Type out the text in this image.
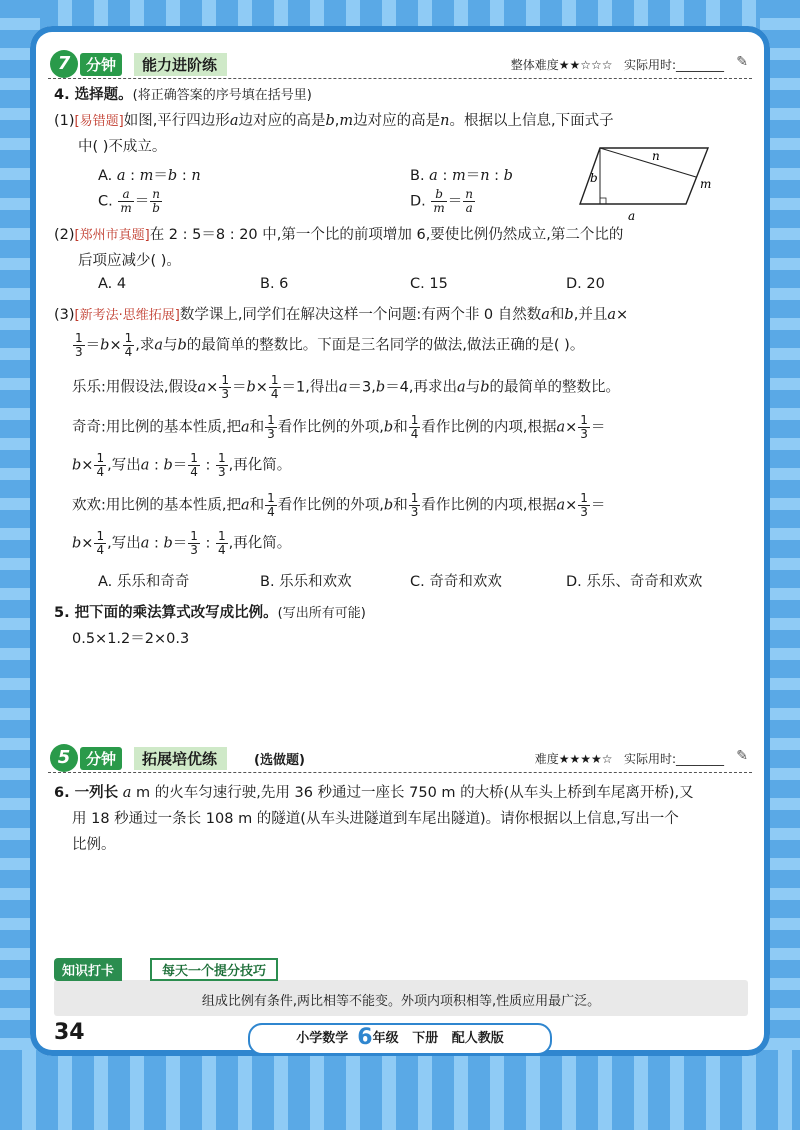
7	分钟	能力进阶练	整体难度★★☆☆☆ 实际用时:________ ✎
4. 选择题。(将正确答案的序号填在括号里)
(1)[易错题]如图,平行四边形a边对应的高是b,m边对应的高是n。根据以上信息,下面式子
中( )不成立。
A. a : m＝b : n	B. a : m＝n : b
C. $\frac{a}{m} = \frac{n}{b}$	D. $\frac{b}{m} = \frac{n}{a}$
b
n
m
a
(2)[郑州市真题]在 2 : 5＝8 : 20 中,第一个比的前项增加 6,要使比例仍然成立,第二个比的
后项应减少( )。
A. 4	B. 6	C. 15	D. 20
(3)[新考法·思维拓展]数学课上,同学们在解决这样一个问题:有两个非 0 自然数a和b,并且a×
$\frac{1}{3} =b\times \frac{1}{4}$ ,求a与b的最简单的整数比。下面是三名同学的做法,做法正确的是( )。
乐乐:用假设法,假设$a\times \frac{1}{3} =b\times \frac{1}{4} =1$,得出a＝3,b＝4,再求出a与b的最简单的整数比。
奇奇:用比例的基本性质,把a和 $\frac{1}{3}$ 看作比例的外项,b和 $\frac{1}{4}$ 看作比例的内项,根据$a\times \frac{1}{3}$ ＝
$b\times \frac{1}{4}$ ,写出a : $b= \frac{1}{4}$ : $\frac{1}{3}$ ,再化简。
欢欢:用比例的基本性质,把a和 $\frac{1}{4}$ 看作比例的外项,b和 $\frac{1}{3}$ 看作比例的内项,根据$a\times \frac{1}{3}$ ＝
$b\times \frac{1}{4}$ ,写出a : $b= \frac{1}{3}$ : $\frac{1}{4}$ ,再化简。
A. 乐乐和奇奇	B. 乐乐和欢欢	C. 奇奇和欢欢	D. 乐乐、奇奇和欢欢
5. 把下面的乘法算式改写成比例。(写出所有可能)
0.5×1.2＝2×0.3
5	分钟	拓展培优练	(选做题)	难度★★★★☆ 实际用时:________ ✎
6. 一列长 a m 的火车匀速行驶,先用 36 秒通过一座长 750 m 的大桥(从车头上桥到车尾离开桥),又
用 18 秒通过一条长 108 m 的隧道(从车头进隧道到车尾出隧道)。请你根据以上信息,写出一个
比例。
组成比例有条件,两比相等不能变。外项内项积相等,性质应用最广泛。
知识打卡	每天一个提分技巧
34	小学数学 6年级 下册 配人教版
